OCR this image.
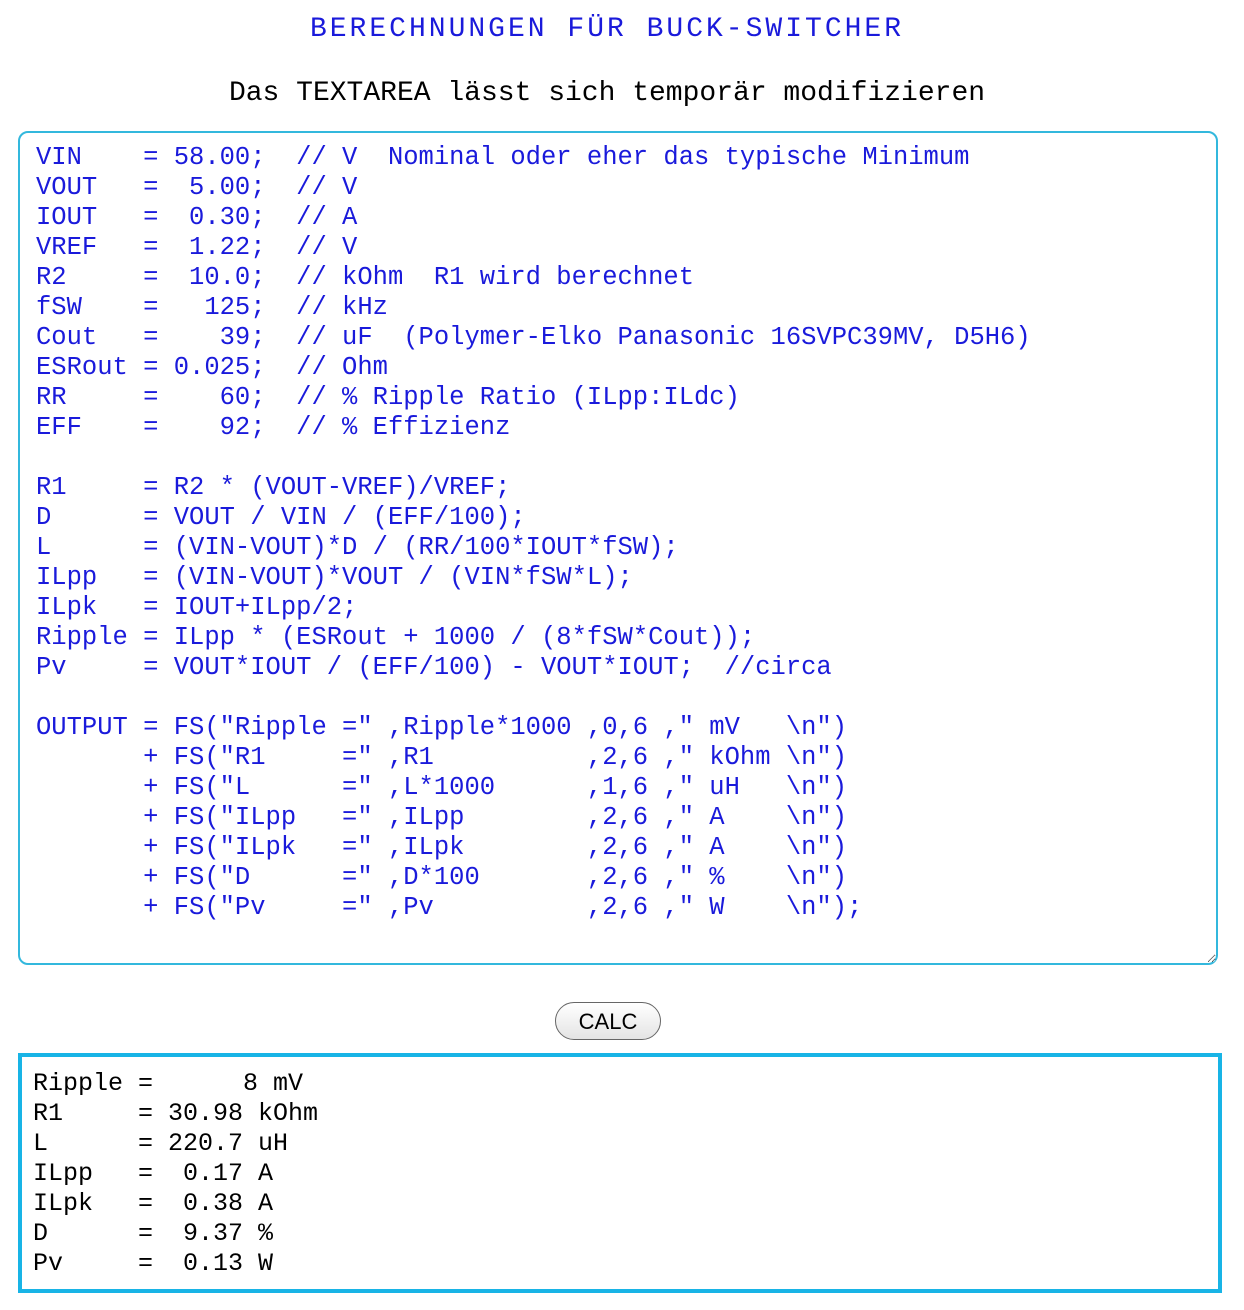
BERECHNUNGEN FÜR BUCK-SWITCHER
Das TEXTAREA lässt sich temporär modifizieren
VIN = 58.00; // V Nominal oder eher das typische Minimum VOUT = 5.00; // V IOUT = 0.30; // A VREF = 1.22; // V R2 = 10.0; // kOhm R1 wird berechnet fSW = 125; // kHz Cout = 39; // uF (Polymer-Elko Panasonic 16SVPC39MV, D5H6) ESRout = 0.025; // Ohm RR = 60; // % Ripple Ratio (ILpp:ILdc) EFF = 92; // % Effizienz R1 = R2 * (VOUT-VREF)/VREF; D = VOUT / VIN / (EFF/100); L = (VIN-VOUT)*D / (RR/100*IOUT*fSW); ILpp = (VIN-VOUT)*VOUT / (VIN*fSW*L); ILpk = IOUT+ILpp/2; Ripple = ILpp * (ESRout + 1000 / (8*fSW*Cout)); Pv = VOUT*IOUT / (EFF/100) - VOUT*IOUT; //circa OUTPUT = FS("Ripple =" ,Ripple*1000 ,0,6 ," mV \n") + FS("R1 =" ,R1 ,2,6 ," kOhm \n") + FS("L =" ,L*1000 ,1,6 ," uH \n") + FS("ILpp =" ,ILpp ,2,6 ," A \n") + FS("ILpk =" ,ILpk ,2,6 ," A \n") + FS("D =" ,D*100 ,2,6 ," % \n") + FS("Pv =" ,Pv ,2,6 ," W \n");
CALC
Ripple =      8 mV
R1     = 30.98 kOhm
L      = 220.7 uH
ILpp   =  0.17 A
ILpk   =  0.38 A
D      =  9.37 %
Pv     =  0.13 W
